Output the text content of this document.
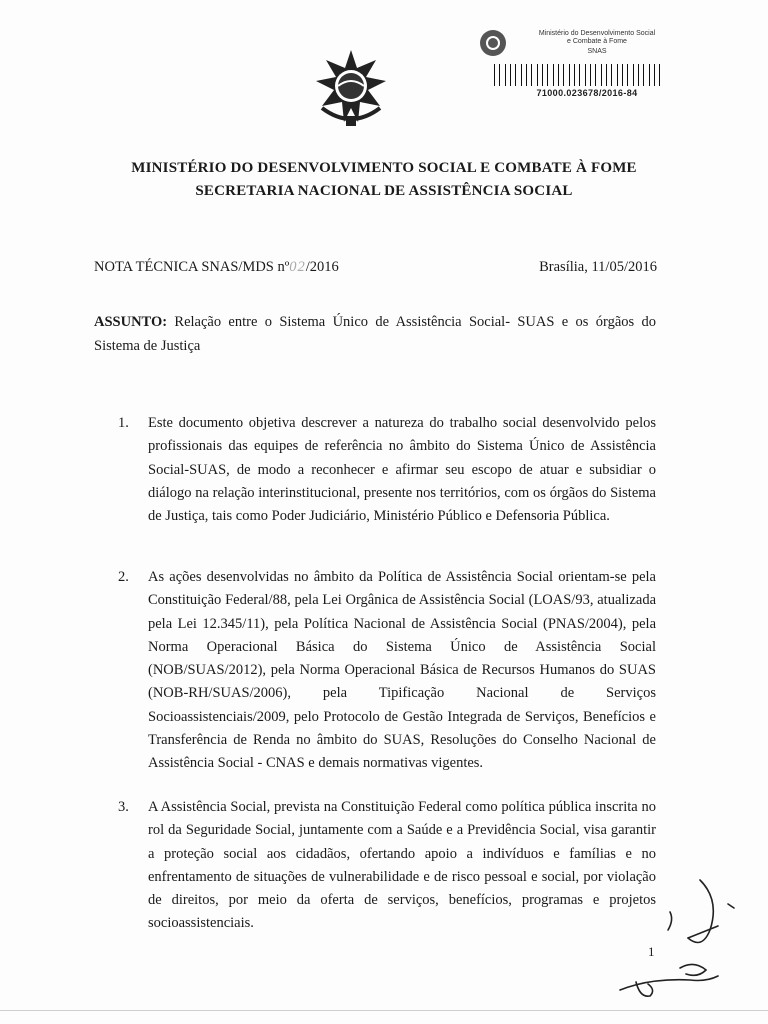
Ministério do Desenvolvimento Social
e Combate à Fome
SNAS
71000.023678/2016-84
MINISTÉRIO DO DESENVOLVIMENTO SOCIAL E COMBATE À FOME
SECRETARIA NACIONAL DE ASSISTÊNCIA SOCIAL
NOTA TÉCNICA SNAS/MDS nº02/2016	Brasília, 11/05/2016
ASSUNTO: Relação entre o Sistema Único de Assistência Social- SUAS e os órgãos do Sistema de Justiça
1. Este documento objetiva descrever a natureza do trabalho social desenvolvido pelos profissionais das equipes de referência no âmbito do Sistema Único de Assistência Social-SUAS, de modo a reconhecer e afirmar seu escopo de atuar e subsidiar o diálogo na relação interinstitucional, presente nos territórios, com os órgãos do Sistema de Justiça, tais como Poder Judiciário, Ministério Público e Defensoria Pública.
2. As ações desenvolvidas no âmbito da Política de Assistência Social orientam-se pela Constituição Federal/88, pela Lei Orgânica de Assistência Social (LOAS/93, atualizada pela Lei 12.345/11), pela Política Nacional de Assistência Social (PNAS/2004), pela Norma Operacional Básica do Sistema Único de Assistência Social (NOB/SUAS/2012), pela Norma Operacional Básica de Recursos Humanos do SUAS (NOB-RH/SUAS/2006), pela Tipificação Nacional de Serviços Socioassistenciais/2009, pelo Protocolo de Gestão Integrada de Serviços, Benefícios e Transferência de Renda no âmbito do SUAS, Resoluções do Conselho Nacional de Assistência Social - CNAS e demais normativas vigentes.
3. A Assistência Social, prevista na Constituição Federal como política pública inscrita no rol da Seguridade Social, juntamente com a Saúde e a Previdência Social, visa garantir a proteção social aos cidadãos, ofertando apoio a indivíduos e famílias e no enfrentamento de situações de vulnerabilidade e de risco pessoal e social, por violação de direitos, por meio da oferta de serviços, benefícios, programas e projetos socioassistenciais.
1
